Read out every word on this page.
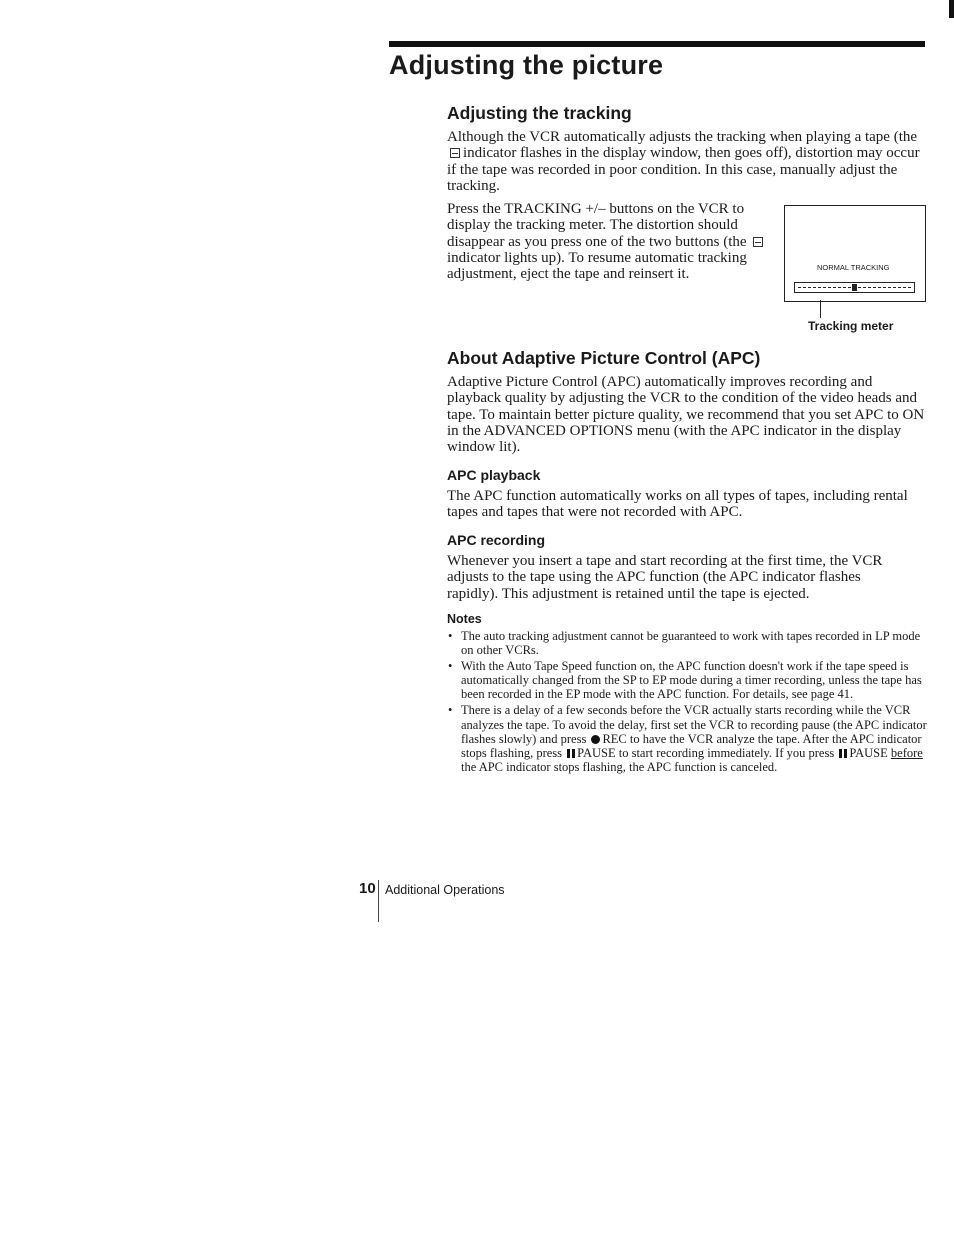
Adjusting the picture
Adjusting the tracking

Although the VCR automatically adjusts the tracking when playing a tape (the indicator flashes in the display window, then goes off), distortion may occur if the tape was recorded in poor condition. In this case, manually adjust the tracking.

Press the TRACKING +/– buttons on the VCR to display the tracking meter. The distortion should disappear as you press one of the two buttons (the indicator lights up). To resume automatic tracking adjustment, eject the tape and reinsert it.	NORMAL TRACKING
Tracking meter
About Adaptive Picture Control (APC)

Adaptive Picture Control (APC) automatically improves recording and playback quality by adjusting the VCR to the condition of the video heads and tape. To maintain better picture quality, we recommend that you set APC to ON in the ADVANCED OPTIONS menu (with the APC indicator in the display window lit).

APC playback

The APC function automatically works on all types of tapes, including rental tapes and tapes that were not recorded with APC.

APC recording

Whenever you insert a tape and start recording at the first time, the VCR adjusts to the tape using the APC function (the APC indicator flashes rapidly). This adjustment is retained until the tape is ejected.

Notes
• The auto tracking adjustment cannot be guaranteed to work with tapes recorded in LP mode on other VCRs.
• With the Auto Tape Speed function on, the APC function doesn't work if the tape speed is automatically changed from the SP to EP mode during a timer recording, unless the tape has been recorded in the EP mode with the APC function. For details, see page 41.
• There is a delay of a few seconds before the VCR actually starts recording while the VCR analyzes the tape. To avoid the delay, first set the VCR to recording pause (the APC indicator flashes slowly) and press REC to have the VCR analyze the tape. After the APC indicator stops flashing, press PAUSE to start recording immediately. If you press PAUSE before the APC indicator stops flashing, the APC function is canceled.
10 Additional Operations
